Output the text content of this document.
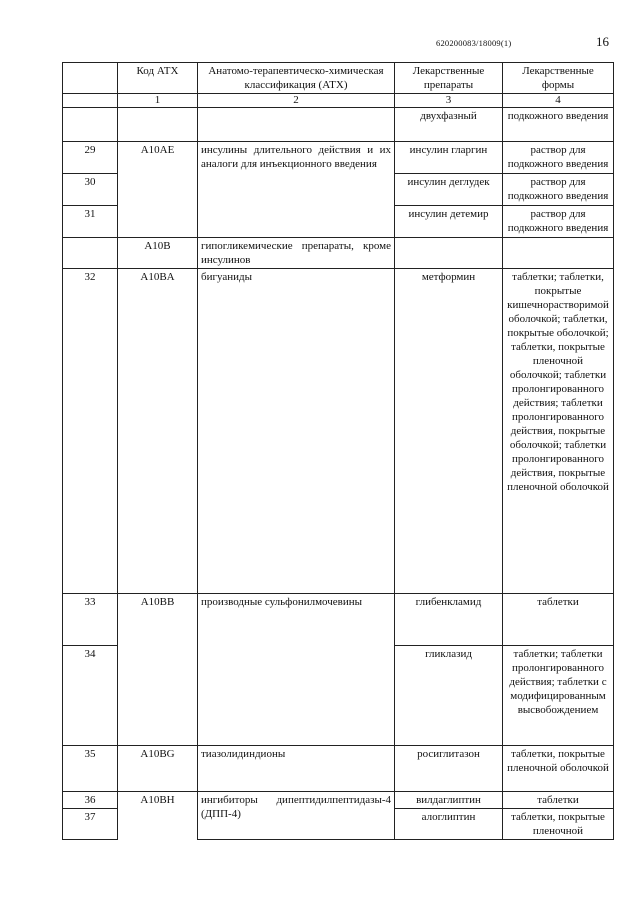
620200083/18009(1)	16
	Код АТХ	Анатомо-терапевтическо-химическая классификация (АТХ)	Лекарственные препараты	Лекарственные формы
	1	2	3	4
			двухфазный	подкожного введения
29	A10AE	инсулины длительного действия и их аналоги для инъекционного введения	инсулин гларгин	раствор для подкожного введения
30			инсулин деглудек	раствор для подкожного введения
31			инсулин детемир	раствор для подкожного введения
	A10B	гипогликемические препараты, кроме инсулинов		
32	A10BA	бигуаниды	метформин	таблетки; таблетки, покрытые кишечнорастворимой оболочкой; таблетки, покрытые оболочкой; таблетки, покрытые пленочной оболочкой; таблетки пролонгированного действия; таблетки пролонгированного действия, покрытые оболочкой; таблетки пролонгированного действия, покрытые пленочной оболочкой
33	A10BB	производные сульфонилмочевины	глибенкламид	таблетки
34			гликлазид	таблетки; таблетки пролонгированного действия; таблетки с модифицированным высвобождением
35	A10BG	тиазолидиндионы	росиглитазон	таблетки, покрытые пленочной оболочкой
36	A10BH	ингибиторы дипептидилпептидазы-4 (ДПП-4)	вилдаглиптин	таблетки
37			алоглиптин	таблетки, покрытые пленочной
